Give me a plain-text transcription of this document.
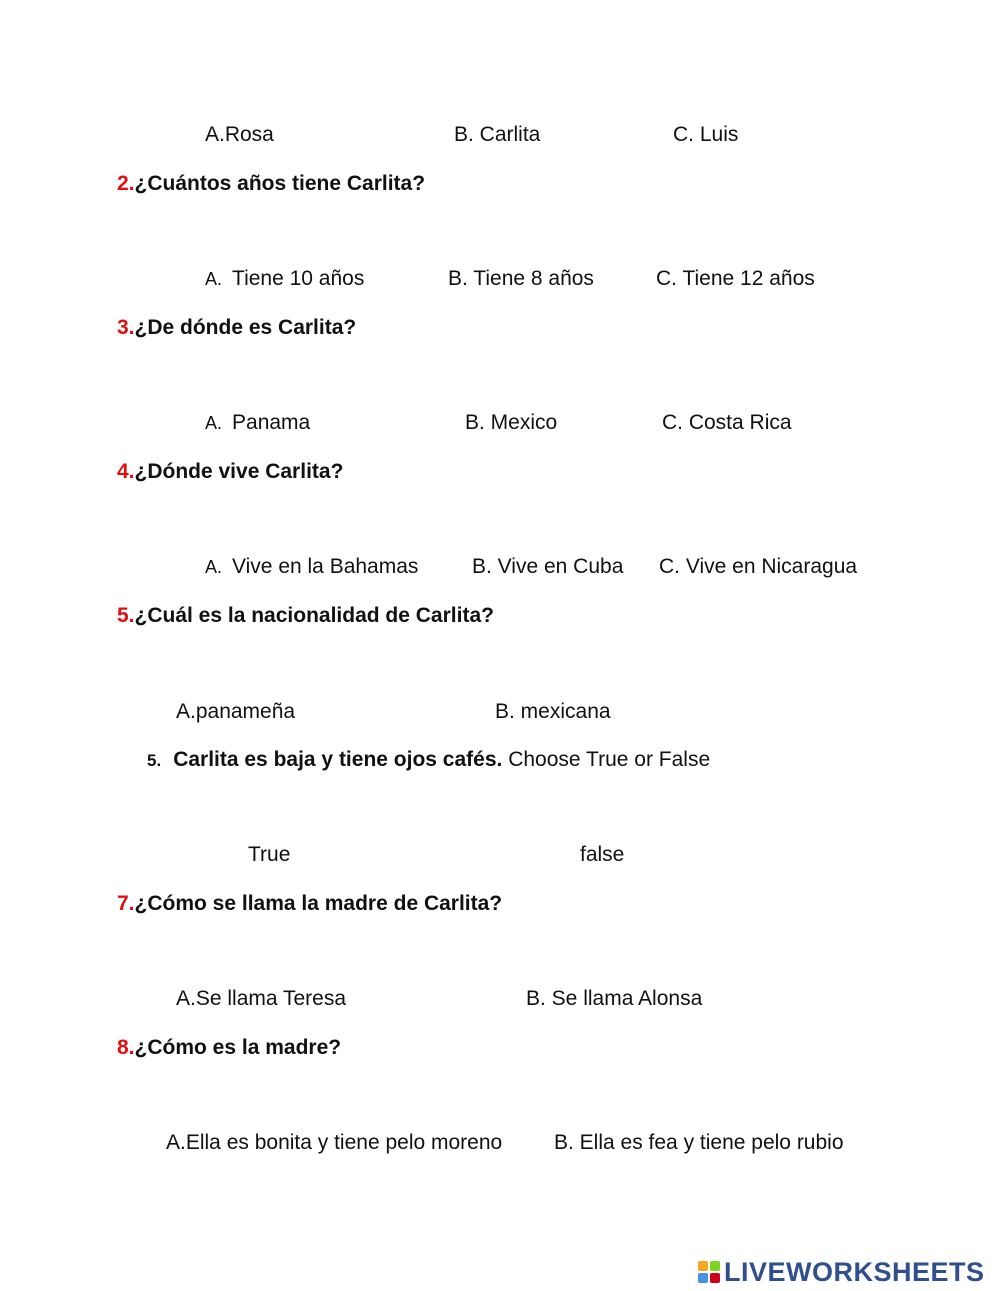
A.Rosa	B. Carlita	C. Luis
2.¿Cuántos años tiene Carlita?
A. Tiene 10 años	B. Tiene 8 años	C. Tiene 12 años
3.¿De dónde es Carlita?
A. Panama	B. Mexico	C. Costa Rica
4.¿Dónde vive Carlita?
A. Vive en la Bahamas	B. Vive en Cuba C. Vive en Nicaragua
5.¿Cuál es la nacionalidad de Carlita?
A.panameña	B. mexicana
5. Carlita es baja y tiene ojos cafés. Choose True or False
True	false
7.¿Cómo se llama la madre de Carlita?
A.Se llama Teresa	B. Se llama Alonsa
8.¿Cómo es la madre?
A.Ella es bonita y tiene pelo moreno B. Ella es fea y tiene pelo rubio
LIVEWORKSHEETS
